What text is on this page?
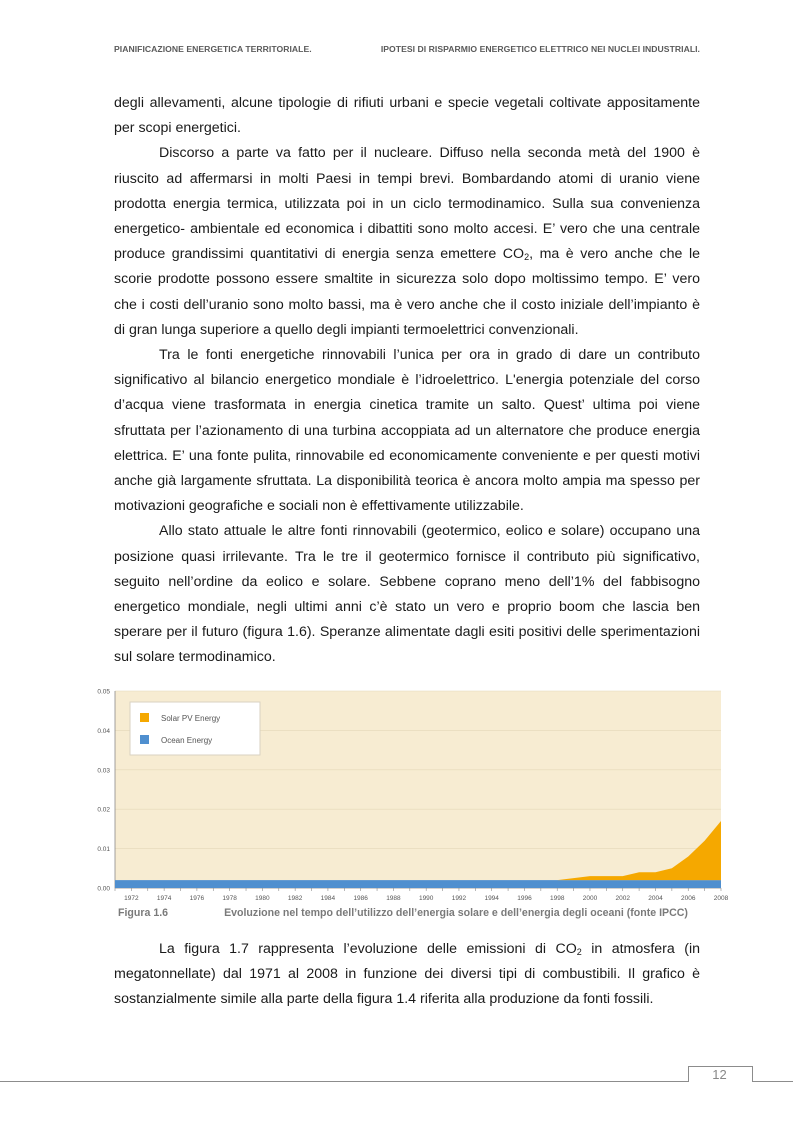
PIANIFICAZIONE ENERGETICA TERRITORIALE.	IPOTESI DI RISPARMIO ENERGETICO ELETTRICO NEI NUCLEI INDUSTRIALI.

degli allevamenti, alcune tipologie di rifiuti urbani e specie vegetali coltivate appositamente per scopi energetici.

Discorso a parte va fatto per il nucleare. Diffuso nella seconda metà del 1900 è riuscito ad affermarsi in molti Paesi in tempi brevi. Bombardando atomi di uranio viene prodotta energia termica, utilizzata poi in un ciclo termodinamico. Sulla sua convenienza energetico- ambientale ed economica i dibattiti sono molto accesi. E’ vero che una centrale produce grandissimi quantitativi di energia senza emettere $CO_2$, ma è vero anche che le scorie prodotte possono essere smaltite in sicurezza solo dopo moltissimo tempo. E’ vero che i costi dell’uranio sono molto bassi, ma è vero anche che il costo iniziale dell’impianto è di gran lunga superiore a quello degli impianti termoelettrici convenzionali.

Tra le fonti energetiche rinnovabili l’unica per ora in grado di dare un contributo significativo al bilancio energetico mondiale è l’idroelettrico. L'energia potenziale del corso d’acqua viene trasformata in energia cinetica tramite un salto. Quest’ ultima poi viene sfruttata per l’azionamento di una turbina accoppiata ad un alternatore che produce energia elettrica. E’ una fonte pulita, rinnovabile ed economicamente conveniente e per questi motivi anche già largamente sfruttata. La disponibilità teorica è ancora molto ampia ma spesso per motivazioni geografiche e sociali non è effettivamente utilizzabile.

Allo stato attuale le altre fonti rinnovabili (geotermico, eolico e solare) occupano una posizione quasi irrilevante. Tra le tre il geotermico fornisce il contributo più significativo, seguito nell’ordine da eolico e solare. Sebbene coprano meno dell’1% del fabbisogno energetico mondiale, negli ultimi anni c’è stato un vero e proprio boom che lascia ben sperare per il futuro (figura 1.6). Speranze alimentate dagli esiti positivi delle sperimentazioni sul solare termodinamico.

0.00
0.01
0.02
0.03
0.04
0.05
1972	1974	1976	1978	1980	1982	1984	1986	1988	1990	1992	1994	1996	1998	2000	2002	2004	2006	2008
Solar PV Energy
Ocean Energy
Figura 1.6	Evoluzione nel tempo dell’utilizzo dell’energia solare e dell’energia degli oceani (fonte IPCC)

La figura 1.7 rappresenta l’evoluzione delle emissioni di $CO_2$ in atmosfera (in megatonnellate) dal 1971 al 2008 in funzione dei diversi tipi di combustibili. Il grafico è sostanzialmente simile alla parte della figura 1.4 riferita alla produzione da fonti fossili.

12
